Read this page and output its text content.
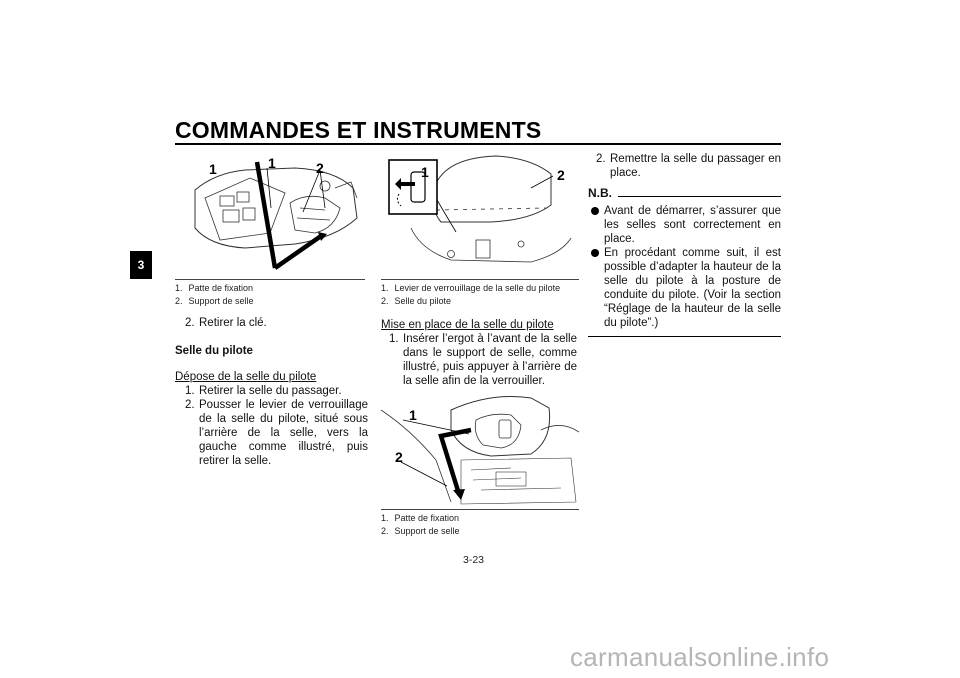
COMMANDES ET INSTRUMENTS
3
1	1	2
1. Patte de fixation
2. Support de selle
2. Retirer la clé.
Selle du pilote
Dépose de la selle du pilote
1. Retirer la selle du passager.
2. Pousser le levier de verrouillage de la selle du pilote, situé sous l’arrière de la selle, vers la gauche comme illustré, puis retirer la selle.
1	2
1. Levier de verrouillage de la selle du pilote
2. Selle du pilote
Mise en place de la selle du pilote
1. Insérer l’ergot à l’avant de la selle dans le support de selle, comme illustré, puis appuyer à l’arrière de la selle afin de la verrouiller.
1
2
1. Patte de fixation
2. Support de selle
2. Remettre la selle du passager en place.
N.B.
Avant de démarrer, s’assurer que les selles sont correctement en place.
En procédant comme suit, il est possible d’adapter la hauteur de la selle du pilote à la posture de conduite du pilote. (Voir la section “Réglage de la hauteur de la selle du pilote”.)
3-23
carmanualsonline.info
